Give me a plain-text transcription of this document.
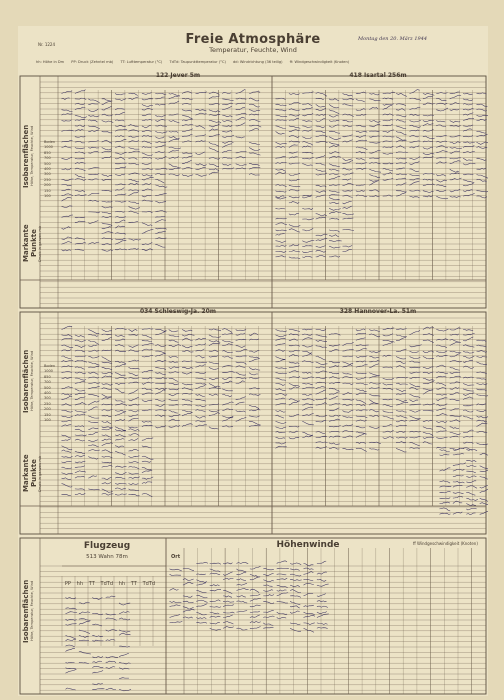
Nr. 1224	Freie Atmosphäre
Temperatur, Feuchte, Wind
Montag den 20. März 1944
hh: Höhe in Dm PP: Druck (Zehntel mb) TT: Lufttemperatur (°C) TdTd: Taupunkttemperatur (°C) dd: Windrichtung (36 teilig) ff: Windgeschwindigkeit (Knoten)
122 Jever 5m	418 Isartal 256m
Isobarenflächen Höhe, Temperatur, Feuchte, Wind
Markante Punkte Druck in ganzen mb
Boden
1000
850
700
500
400
300
250
200
150
100
034 Schleswig-Ja. 20m	328 Hannover-La. 51m
Isobarenflächen Höhe, Temperatur, Feuchte, Wind
Markante Punkte Druck in ganzen mb
Boden
1000
850
700
500
400
300
250
200
150
100
Flugzeug
513 Wahn 78m
Isobarenflächen Höhe, Temperatur, Feuchte, Wind	PP hh TT TdTd hh TT TdTd
Höhenwinde
Ort
ff Windgeschwindigkeit (Knoten)
